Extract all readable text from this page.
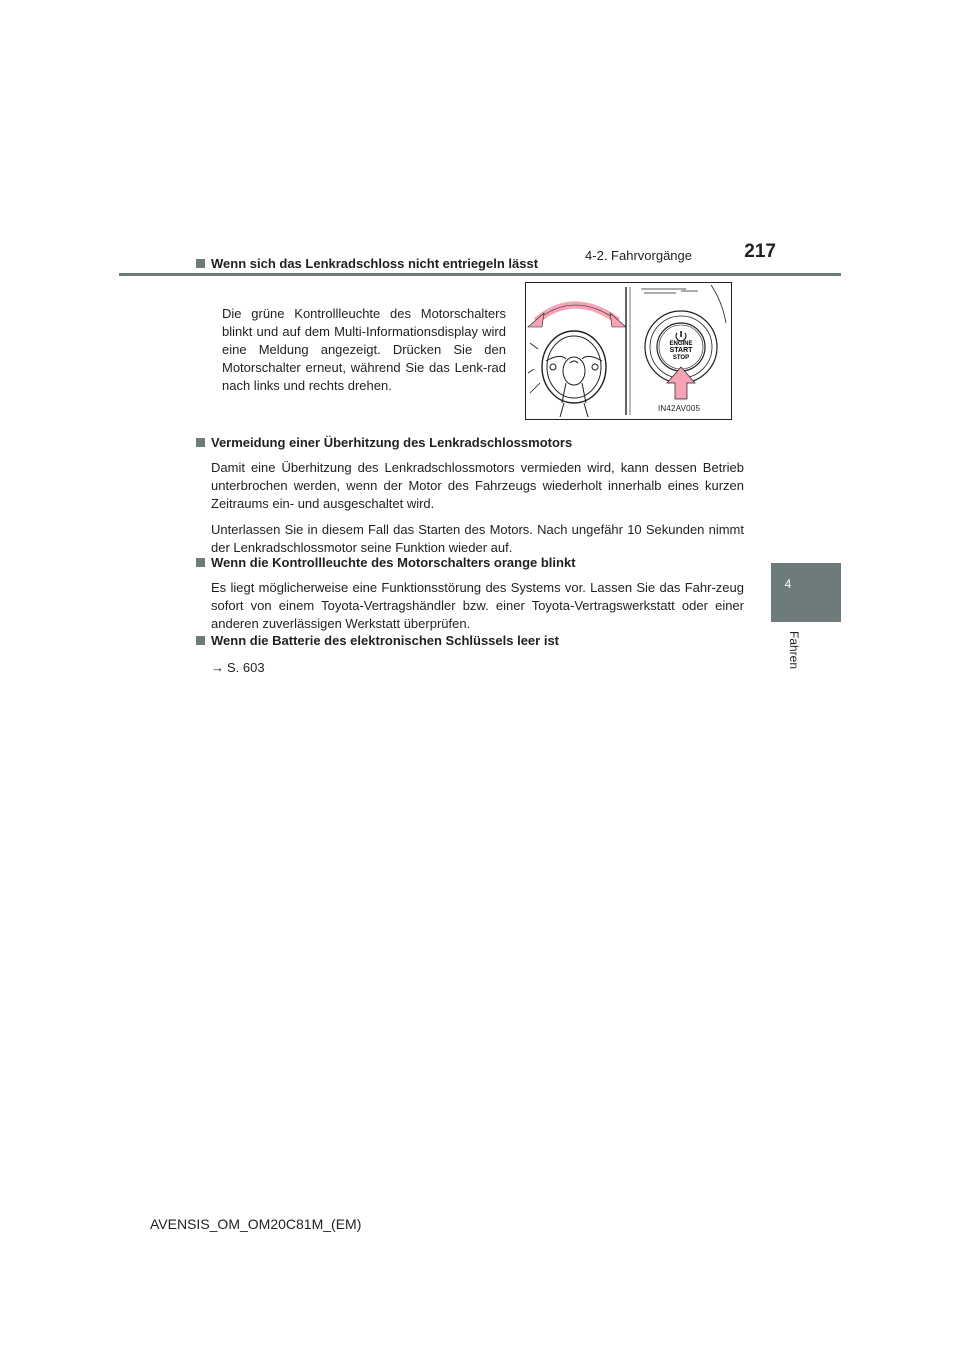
4-2. Fahrvorgänge	217
4
Fahren
Wenn sich das Lenkradschloss nicht entriegeln lässt
Die grüne Kontrollleuchte des Motorschalters blinkt und auf dem Multi-Informationsdisplay wird eine Meldung angezeigt. Drücken Sie den Motorschalter erneut, während Sie das Lenk-rad nach links und rechts drehen.
ENGINE
START
STOP
IN42AV005
Vermeidung einer Überhitzung des Lenkradschlossmotors
Damit eine Überhitzung des Lenkradschlossmotors vermieden wird, kann dessen Betrieb unterbrochen werden, wenn der Motor des Fahrzeugs wiederholt innerhalb eines kurzen Zeitraums ein- und ausgeschaltet wird.
Unterlassen Sie in diesem Fall das Starten des Motors. Nach ungefähr 10 Sekunden nimmt der Lenkradschlossmotor seine Funktion wieder auf.
Wenn die Kontrollleuchte des Motorschalters orange blinkt
Es liegt möglicherweise eine Funktionsstörung des Systems vor. Lassen Sie das Fahr-zeug sofort von einem Toyota-Vertragshändler bzw. einer Toyota-Vertragswerkstatt oder einer anderen zuverlässigen Werkstatt überprüfen.
Wenn die Batterie des elektronischen Schlüssels leer ist
→ S. 603
AVENSIS_OM_OM20C81M_(EM)
